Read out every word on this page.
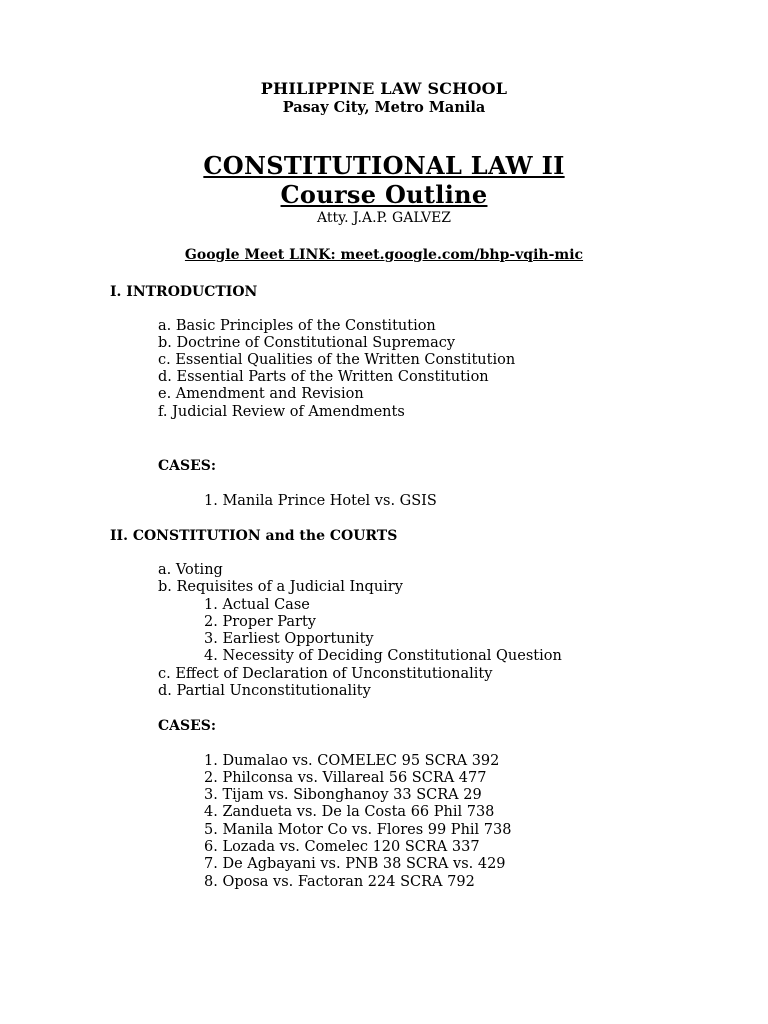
PHILIPPINE LAW SCHOOL
Pasay City, Metro Manila
CONSTITUTIONAL LAW II
Course Outline
Atty. J.A.P. GALVEZ
Google Meet LINK: meet.google.com/bhp-vqih-mic
I. INTRODUCTION
a. Basic Principles of the Constitution
b. Doctrine of Constitutional Supremacy
c. Essential Qualities of the Written Constitution
d. Essential Parts of the Written Constitution
e. Amendment and Revision
f. Judicial Review of Amendments
CASES:
1. Manila Prince Hotel vs. GSIS
II. CONSTITUTION and the COURTS
a. Voting
b. Requisites of a Judicial Inquiry
1. Actual Case
2. Proper Party
3. Earliest Opportunity
4. Necessity of Deciding Constitutional Question
c. Effect of Declaration of Unconstitutionality
d. Partial Unconstitutionality
CASES:
1. Dumalao vs. COMELEC 95 SCRA 392
2. Philconsa vs. Villareal 56 SCRA 477
3. Tijam vs. Sibonghanoy 33 SCRA 29
4. Zandueta vs. De la Costa 66 Phil 738
5. Manila Motor Co vs. Flores 99 Phil 738
6. Lozada vs. Comelec 120 SCRA 337
7. De Agbayani vs. PNB 38 SCRA vs. 429
8. Oposa vs. Factoran 224 SCRA 792
